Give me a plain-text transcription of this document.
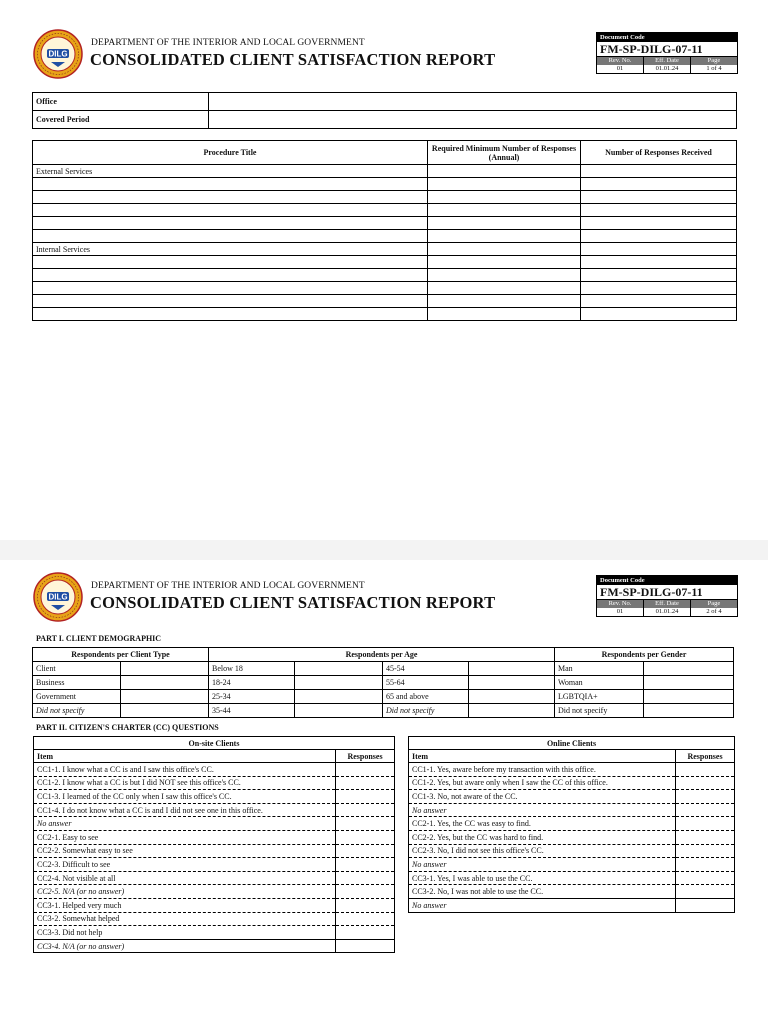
DILG
DEPARTMENT OF THE INTERIOR AND LOCAL GOVERNMENT
CONSOLIDATED CLIENT SATISFACTION REPORT
Document Code
FM-SP-DILG-07-11
Rev. No.	Eff. Date	Page
01	01.01.24	1 of 4
Office	
Covered Period	
Procedure Title	Required Minimum Number of Responses (Annual)	Number of Responses Received
External Services		

Internal Services		

DILG
DEPARTMENT OF THE INTERIOR AND LOCAL GOVERNMENT
CONSOLIDATED CLIENT SATISFACTION REPORT
Document Code
FM-SP-DILG-07-11
Rev. No.	Eff. Date	Page
01	01.01.24	2 of 4
PART I. CLIENT DEMOGRAPHIC
Respondents per Client Type		Respondents per Age				Respondents per Gender	
Client		Below 18		45-54		Man	
Business		18-24		55-64		Woman	
Government		25-34		65 and above		LGBTQIA+	
Did not specify		35-44		Did not specify		Did not specify	
PART II. CITIZEN'S CHARTER (CC) QUESTIONS
On-site Clients	
Item	Responses
CC1-1. I know what a CC is and I saw this office's CC.	
CC1-2. I know what a CC is but I did NOT see this office's CC.	
CC1-3. I learned of the CC only when I saw this office's CC.	
CC1-4. I do not know what a CC is and I did not see one in this office.	
No answer	
CC2-1. Easy to see	
CC2-2. Somewhat easy to see	
CC2-3. Difficult to see	
CC2-4. Not visible at all	
CC2-5. N/A (or no answer)	
CC3-1. Helped very much	
CC3-2. Somewhat helped	
CC3-3. Did not help	
CC3-4. N/A (or no answer)	
Online Clients	
Item	Responses
CC1-1. Yes, aware before my transaction with this office.	
CC1-2. Yes, but aware only when I saw the CC of this office.	
CC1-3. No, not aware of the CC.	
No answer	
CC2-1. Yes, the CC was easy to find.	
CC2-2. Yes, but the CC was hard to find.	
CC2-3. No, I did not see this office's CC.	
No answer	
CC3-1. Yes, I was able to use the CC.	
CC3-2. No, I was not able to use the CC.	
No answer	
